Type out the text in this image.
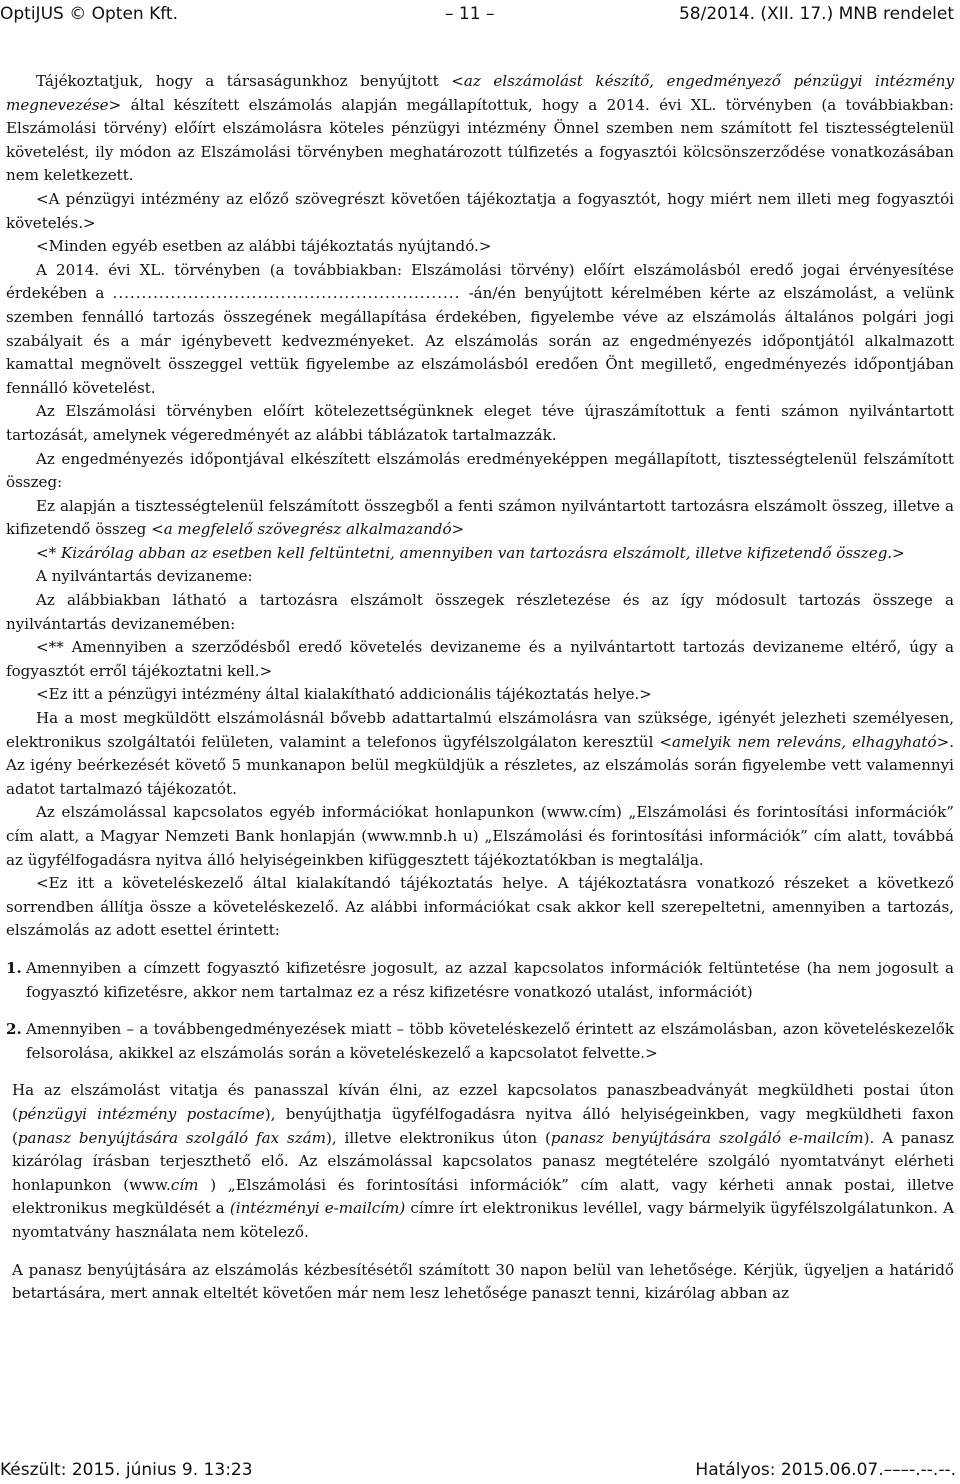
OptiJUS © Opten Kft.	– 11 –	58/2014. (XII. 17.) MNB rendelet

Tájékoztatjuk, hogy a társaságunkhoz benyújtott <az elszámolást készítő, engedményező pénzügyi intézmény megnevezése> által készített elszámolás alapján megállapítottuk, hogy a 2014. évi XL. törvényben (a továbbiakban: Elszámolási törvény) előírt elszámolásra köteles pénzügyi intézmény Önnel szemben nem számított fel tisztességtelenül követelést, ily módon az Elszámolási törvényben meghatározott túlfizetés a fogyasztói kölcsönszerződése vonatkozásában nem keletkezett.

<A pénzügyi intézmény az előző szövegrészt követően tájékoztatja a fogyasztót, hogy miért nem illeti meg fogyasztói követelés.>

<Minden egyéb esetben az alábbi tájékoztatás nyújtandó.>

A 2014. évi XL. törvényben (a továbbiakban: Elszámolási törvény) előírt elszámolásból eredő jogai érvényesítése érdekében a ............................................................ -án/én benyújtott kérelmében kérte az elszámolást, a velünk szemben fennálló tartozás összegének megállapítása érdekében, figyelembe véve az elszámolás általános polgári jogi szabályait és a már igénybevett kedvezményeket. Az elszámolás során az engedményezés időpontjától alkalmazott kamattal megnövelt összeggel vettük figyelembe az elszámolásból eredően Önt megillető, engedményezés időpontjában fennálló követelést.

Az Elszámolási törvényben előírt kötelezettségünknek eleget téve újraszámítottuk a fenti számon nyilvántartott tartozását, amelynek végeredményét az alábbi táblázatok tartalmazzák.

Az engedményezés időpontjával elkészített elszámolás eredményeképpen megállapított, tisztességtelenül felszámított összeg:

Ez alapján a tisztességtelenül felszámított összegből a fenti számon nyilvántartott tartozásra elszámolt összeg, illetve a kifizetendő összeg <a megfelelő szövegrész alkalmazandó>

<* Kizárólag abban az esetben kell feltüntetni, amennyiben van tartozásra elszámolt, illetve kifizetendő összeg.>

A nyilvántartás devizaneme:

Az alábbiakban látható a tartozásra elszámolt összegek részletezése és az így módosult tartozás összege a nyilvántartás devizanemében:

<** Amennyiben a szerződésből eredő követelés devizaneme és a nyilvántartott tartozás devizaneme eltérő, úgy a fogyasztót erről tájékoztatni kell.>

<Ez itt a pénzügyi intézmény által kialakítható addicionális tájékoztatás helye.>

Ha a most megküldött elszámolásnál bővebb adattartalmú elszámolásra van szüksége, igényét jelezheti személyesen, elektronikus szolgáltatói felületen, valamint a telefonos ügyfélszolgálaton keresztül <amelyik nem releváns, elhagyható>. Az igény beérkezését követő 5 munkanapon belül megküldjük a részletes, az elszámolás során figyelembe vett valamennyi adatot tartalmazó tájékozatót.

Az elszámolással kapcsolatos egyéb információkat honlapunkon (www.cím) „Elszámolási és forintosítási információk” cím alatt, a Magyar Nemzeti Bank honlapján (www.mnb.h u) „Elszámolási és forintosítási információk” cím alatt, továbbá az ügyfélfogadásra nyitva álló helyiségeinkben kifüggesztett tájékoztatókban is megtalálja.

<Ez itt a követeléskezelő által kialakítandó tájékoztatás helye. A tájékoztatásra vonatkozó részeket a következő sorrendben állítja össze a követeléskezelő. Az alábbi információkat csak akkor kell szerepeltetni, amennyiben a tartozás, elszámolás az adott esettel érintett:

1. Amennyiben a címzett fogyasztó kifizetésre jogosult, az azzal kapcsolatos információk feltüntetése (ha nem jogosult a fogyasztó kifizetésre, akkor nem tartalmaz ez a rész kifizetésre vonatkozó utalást, információt)
2. Amennyiben – a továbbengedményezések miatt – több követeléskezelő érintett az elszámolásban, azon követeléskezelők felsorolása, akikkel az elszámolás során a követeléskezelő a kapcsolatot felvette.>

Ha az elszámolást vitatja és panasszal kíván élni, az ezzel kapcsolatos panaszbeadványát megküldheti postai úton (pénzügyi intézmény postacíme), benyújthatja ügyfélfogadásra nyitva álló helyiségeinkben, vagy megküldheti faxon (panasz benyújtására szolgáló fax szám), illetve elektronikus úton (panasz benyújtására szolgáló e-mailcím). A panasz kizárólag írásban terjeszthető elő. Az elszámolással kapcsolatos panasz megtételére szolgáló nyomtatványt elérheti honlapunkon (www.cím ) „Elszámolási és forintosítási információk” cím alatt, vagy kérheti annak postai, illetve elektronikus megküldését a (intézményi e-mailcím) címre írt elektronikus levéllel, vagy bármelyik ügyfélszolgálatunkon. A nyomtatvány használata nem kötelező.

A panasz benyújtására az elszámolás kézbesítésétől számított 30 napon belül van lehetősége. Kérjük, ügyeljen a határidő betartására, mert annak elteltét követően már nem lesz lehetősége panaszt tenni, kizárólag abban az

Készült: 2015. június 9. 13:23	Hatályos: 2015.06.07.–––-.--.--.
